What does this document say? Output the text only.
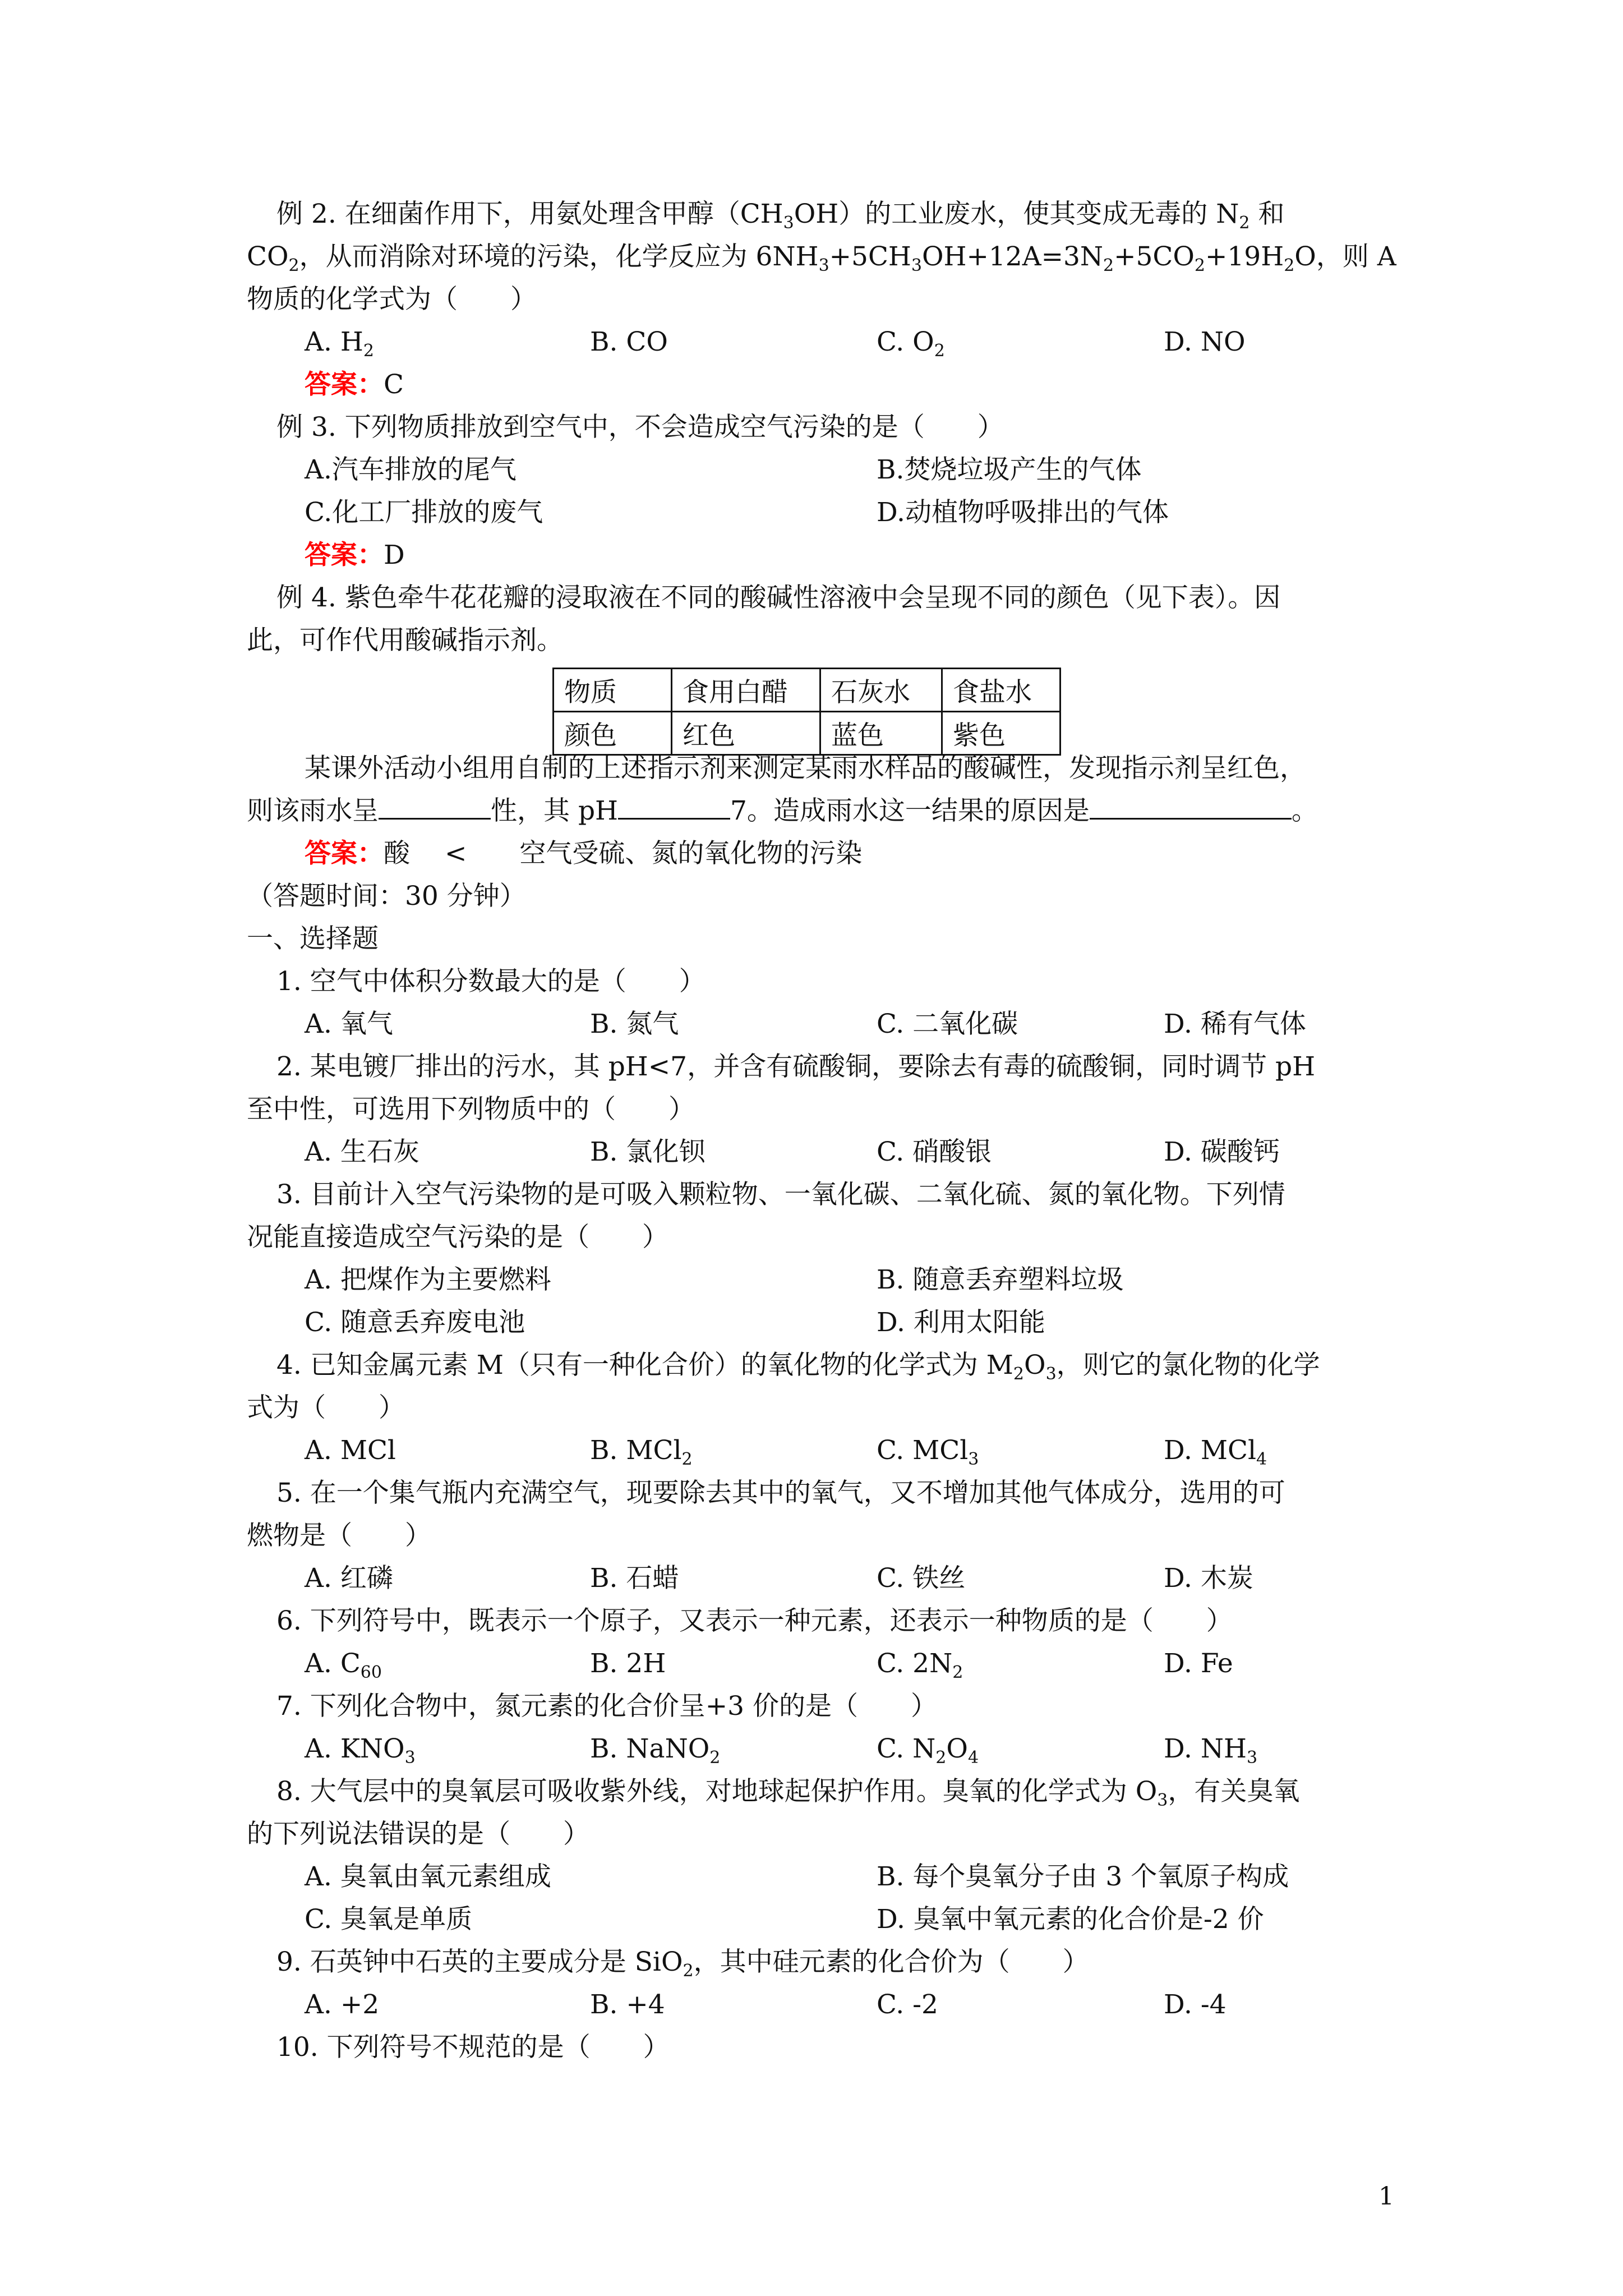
例 2. 在细菌作用下，用氨处理含甲醇$(CH_3OH)$的工业废水，使其变成无毒的 $N_2$ 和
$CO_2$，从而消除对环境的污染，化学反应为 $6NH_3+5CH_3OH+12A=3N_2+5CO_2+19H_2O$，则 A
物质的化学式为（　　）
A. $H_2$	B. CO	C. $O_2$	D. NO
答案：C
例 3. 下列物质排放到空气中，不会造成空气污染的是（　　）
A.汽车排放的尾气	B.焚烧垃圾产生的气体
C.化工厂排放的废气	D.动植物呼吸排出的气体
答案：D
例 4. 紫色牵牛花花瓣的浸取液在不同的酸碱性溶液中会呈现不同的颜色（见下表）。因
此，可作代用酸碱指示剂。
物质	食用白醋	石灰水	食盐水
颜色	红色	蓝色	紫色
某课外活动小组用自制的上述指示剂来测定某雨水样品的酸碱性，发现指示剂呈红色，
则该雨水呈	性，其 pH	7。造成雨水这一结果的原因是	。
答案：酸　 <　　空气受硫、氮的氧化物的污染
（答题时间：30 分钟）
一、选择题
1. 空气中体积分数最大的是（　　）
A. 氧气	B. 氮气	C. 二氧化碳	D. 稀有气体
2. 某电镀厂排出的污水，其 pH<7，并含有硫酸铜，要除去有毒的硫酸铜，同时调节 pH
至中性，可选用下列物质中的（　　）
A. 生石灰	B. 氯化钡	C. 硝酸银	D. 碳酸钙
3. 目前计入空气污染物的是可吸入颗粒物、一氧化碳、二氧化硫、氮的氧化物。下列情
况能直接造成空气污染的是（　　）
A. 把煤作为主要燃料	B. 随意丢弃塑料垃圾
C. 随意丢弃废电池	D. 利用太阳能
4. 已知金属元素 M（只有一种化合价）的氧化物的化学式为 $M_2O_3$，则它的氯化物的化学
式为（　　）
A. MCl	B. MCl$_2$	C. MCl$_3$	D. MCl$_4$
5. 在一个集气瓶内充满空气，现要除去其中的氧气，又不增加其他气体成分，选用的可
燃物是（　　）
A. 红磷	B. 石蜡	C. 铁丝	D. 木炭
6. 下列符号中，既表示一个原子，又表示一种元素，还表示一种物质的是（　　）
A. $C_{60}$	B. 2H	C. $2N_2$	D. Fe
7. 下列化合物中，氮元素的化合价呈+3 价的是（　　）
A. $KNO_3$	B. NaNO$_2$	C. $N_2O_4$	D. $NH_3$
8. 大气层中的臭氧层可吸收紫外线，对地球起保护作用。臭氧的化学式为 $O_3$，有关臭氧
的下列说法错误的是（　　）
A. 臭氧由氧元素组成	B. 每个臭氧分子由 3 个氧原子构成
C. 臭氧是单质	D. 臭氧中氧元素的化合价是-2 价
9. 石英钟中石英的主要成分是 SiO$_2$，其中硅元素的化合价为（　　）
A. +2	B. +4	C. -2	D. -4
10. 下列符号不规范的是（　　）
1
